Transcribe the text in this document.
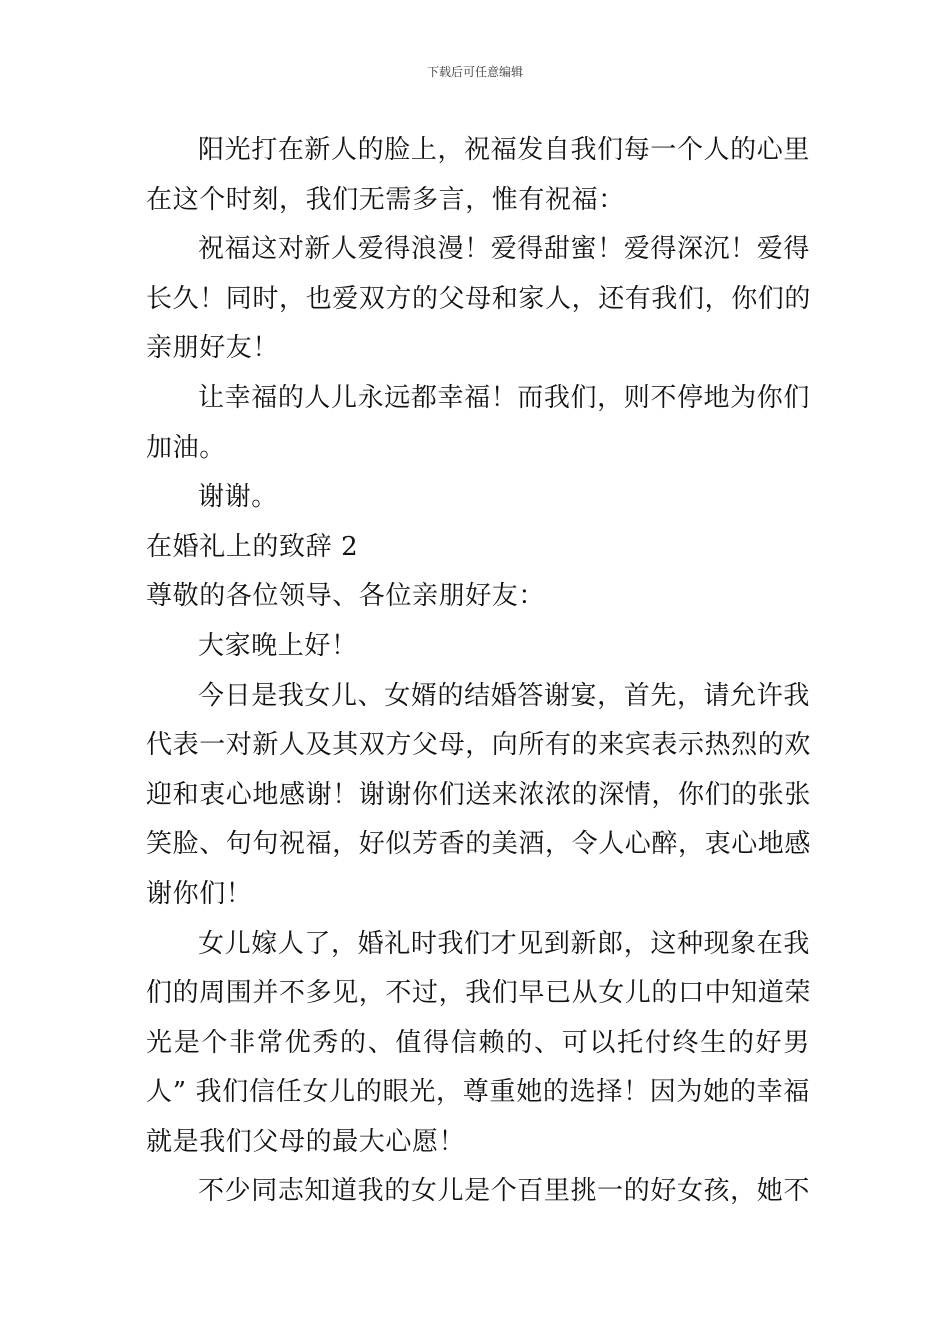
下载后可任意编辑
阳光打在新人的脸上，祝福发自我们每一个人的心里
在这个时刻，我们无需多言，惟有祝福：
祝福这对新人爱得浪漫！爱得甜蜜！爱得深沉！爱得
长久！同时，也爱双方的父母和家人，还有我们，你们的
亲朋好友！
让幸福的人儿永远都幸福！而我们，则不停地为你们
加油。
谢谢。
在婚礼上的致辞 2
尊敬的各位领导、各位亲朋好友：
大家晚上好！
今日是我女儿、女婿的结婚答谢宴，首先，请允许我
代表一对新人及其双方父母，向所有的来宾表示热烈的欢
迎和衷心地感谢！谢谢你们送来浓浓的深情，你们的张张
笑脸、句句祝福，好似芳香的美酒，令人心醉，衷心地感
谢你们！
女儿嫁人了，婚礼时我们才见到新郎，这种现象在我
们的周围并不多见，不过，我们早已从女儿的口中知道荣
光是个非常优秀的、值得信赖的、可以托付终生的好男
人” 我们信任女儿的眼光，尊重她的选择！因为她的幸福
就是我们父母的最大心愿！
不少同志知道我的女儿是个百里挑一的好女孩，她不
